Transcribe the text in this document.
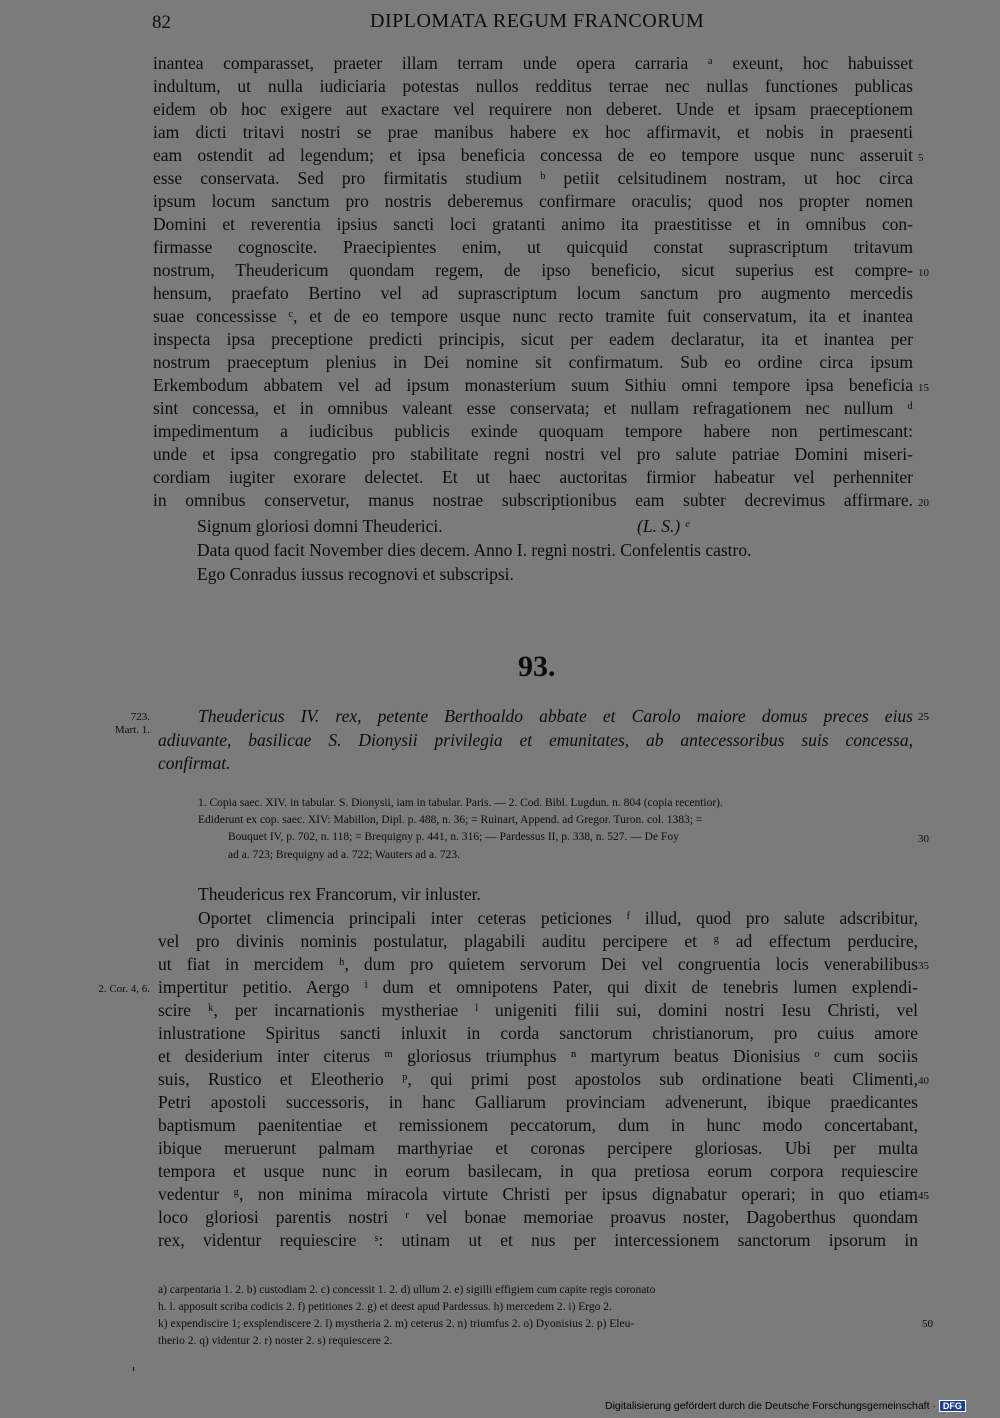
82	DIPLOMATA REGUM FRANCORUM
inantea comparasset, praeter illam terram unde opera carraria ᵃ exeunt, hoc habuisset
indultum, ut nulla iudiciaria potestas nullos redditus terrae nec nullas functiones publicas
eidem ob hoc exigere aut exactare vel requirere non deberet. Unde et ipsam praeceptionem
iam dicti tritavi nostri se prae manibus habere ex hoc affirmavit, et nobis in praesenti
eam ostendit ad legendum; et ipsa beneficia concessa de eo tempore usque nunc asseruit
esse conservata. Sed pro firmitatis studium ᵇ petiit celsitudinem nostram, ut hoc circa
ipsum locum sanctum pro nostris deberemus confirmare oraculis; quod nos propter nomen
Domini et reverentia ipsius sancti loci gratanti animo ita praestitisse et in omnibus con-
firmasse cognoscite. Praecipientes enim, ut quicquid constat suprascriptum tritavum
nostrum, Theudericum quondam regem, de ipso beneficio, sicut superius est compre-
hensum, praefato Bertino vel ad suprascriptum locum sanctum pro augmento mercedis
suae concessisse ᶜ, et de eo tempore usque nunc recto tramite fuit conservatum, ita et inantea
inspecta ipsa preceptione predicti principis, sicut per eadem declaratur, ita et inantea per
nostrum praeceptum plenius in Dei nomine sit confirmatum. Sub eo ordine circa ipsum
Erkembodum abbatem vel ad ipsum monasterium suum Sithiu omni tempore ipsa beneficia
sint concessa, et in omnibus valeant esse conservata; et nullam refragationem nec nullum ᵈ
impedimentum a iudicibus publicis exinde quoquam tempore habere non pertimescant:
unde et ipsa congregatio pro stabilitate regni nostri vel pro salute patriae Domini miseri-
cordiam iugiter exorare delectet. Et ut haec auctoritas firmior habeatur vel perhenniter
in omnibus conservetur, manus nostrae subscriptionibus eam subter decrevimus affirmare.
5
10
15
20
Signum gloriosi domni Theuderici.	(L. S.) ᵉ
Data quod facit November dies decem. Anno I. regni nostri. Confelentis castro.
Ego Conradus iussus recognovi et subscripsi.
93.
723.
Mart. 1.
Theudericus IV. rex, petente Berthoaldo abbate et Carolo maiore domus preces eius
adiuvante, basilicae S. Dionysii privilegia et emunitates, ab antecessoribus suis concessa,
confirmat.
25
1. Copia saec. XIV. in tabular. S. Dionysii, iam in tabular. Paris. — 2. Cod. Bibl. Lugdun. n. 804 (copia recentior).
Ediderunt ex cop. saec. XIV: Mabillon, Dipl. p. 488, n. 36; = Ruinart, Append. ad Gregor. Turon. col. 1383; =
Bouquet IV, p. 702, n. 118; = Brequigny p. 441, n. 316; — Pardessus II, p. 338, n. 527. — De Foy
ad a. 723; Brequigny ad a. 722; Wauters ad a. 723.
30
Theudericus rex Francorum, vir inluster.
Oportet climencia principali inter ceteras peticiones ᶠ illud, quod pro salute adscribitur,
vel pro divinis nominis postulatur, plagabili auditu percipere et ᵍ ad effectum perducire,
ut fiat in mercidem ʰ, dum pro quietem servorum Dei vel congruentia locis venerabilibus
impertitur petitio. Aergo ⁱ dum et omnipotens Pater, qui dixit de tenebris lumen explendi-
scire ᵏ, per incarnationis mystheriae ˡ unigeniti filii sui, domini nostri Iesu Christi, vel
inlustratione Spiritus sancti inluxit in corda sanctorum christianorum, pro cuius amore
et desiderium inter citerus ᵐ gloriosus triumphus ⁿ martyrum beatus Dionisius ᵒ cum sociis
suis, Rustico et Eleotherio ᵖ, qui primi post apostolos sub ordinatione beati Climenti,
Petri apostoli successoris, in hanc Galliarum provinciam advenerunt, ibique praedicantes
baptismum paenitentiae et remissionem peccatorum, dum in hunc modo concertabant,
ibique meruerunt palmam marthyriae et coronas percipere gloriosas. Ubi per multa
tempora et usque nunc in eorum basilecam, in qua pretiosa eorum corpora requiescire
vedentur ᵍ, non minima miracola virtute Christi per ipsus dignabatur operari; in quo etiam
loco gloriosi parentis nostri ʳ vel bonae memoriae proavus noster, Dagoberthus quondam
rex, videntur requiescire ˢ: utinam ut et nus per intercessionem sanctorum ipsorum in
2. Cor. 4, 6.
35
40
45
a) carpentaria 1. 2. b) custodiam 2. c) concessit 1. 2. d) ullum 2. e) sigilli effigiem cum capite regis coronato
h. l. apposuit scriba codicis 2. f) petitiones 2. g) et deest apud Pardessus. h) mercedem 2. i) Ergo 2.
k) expendiscire 1; exsplendiscere 2. l) mystheria 2. m) ceterus 2. n) triumfus 2. o) Dyonisius 2. p) Eleu-
therio 2. q) videntur 2. r) noster 2. s) requiescere 2.
50
Digitalisierung gefördert durch die Deutsche Forschungsgemeinschaft · DFG
